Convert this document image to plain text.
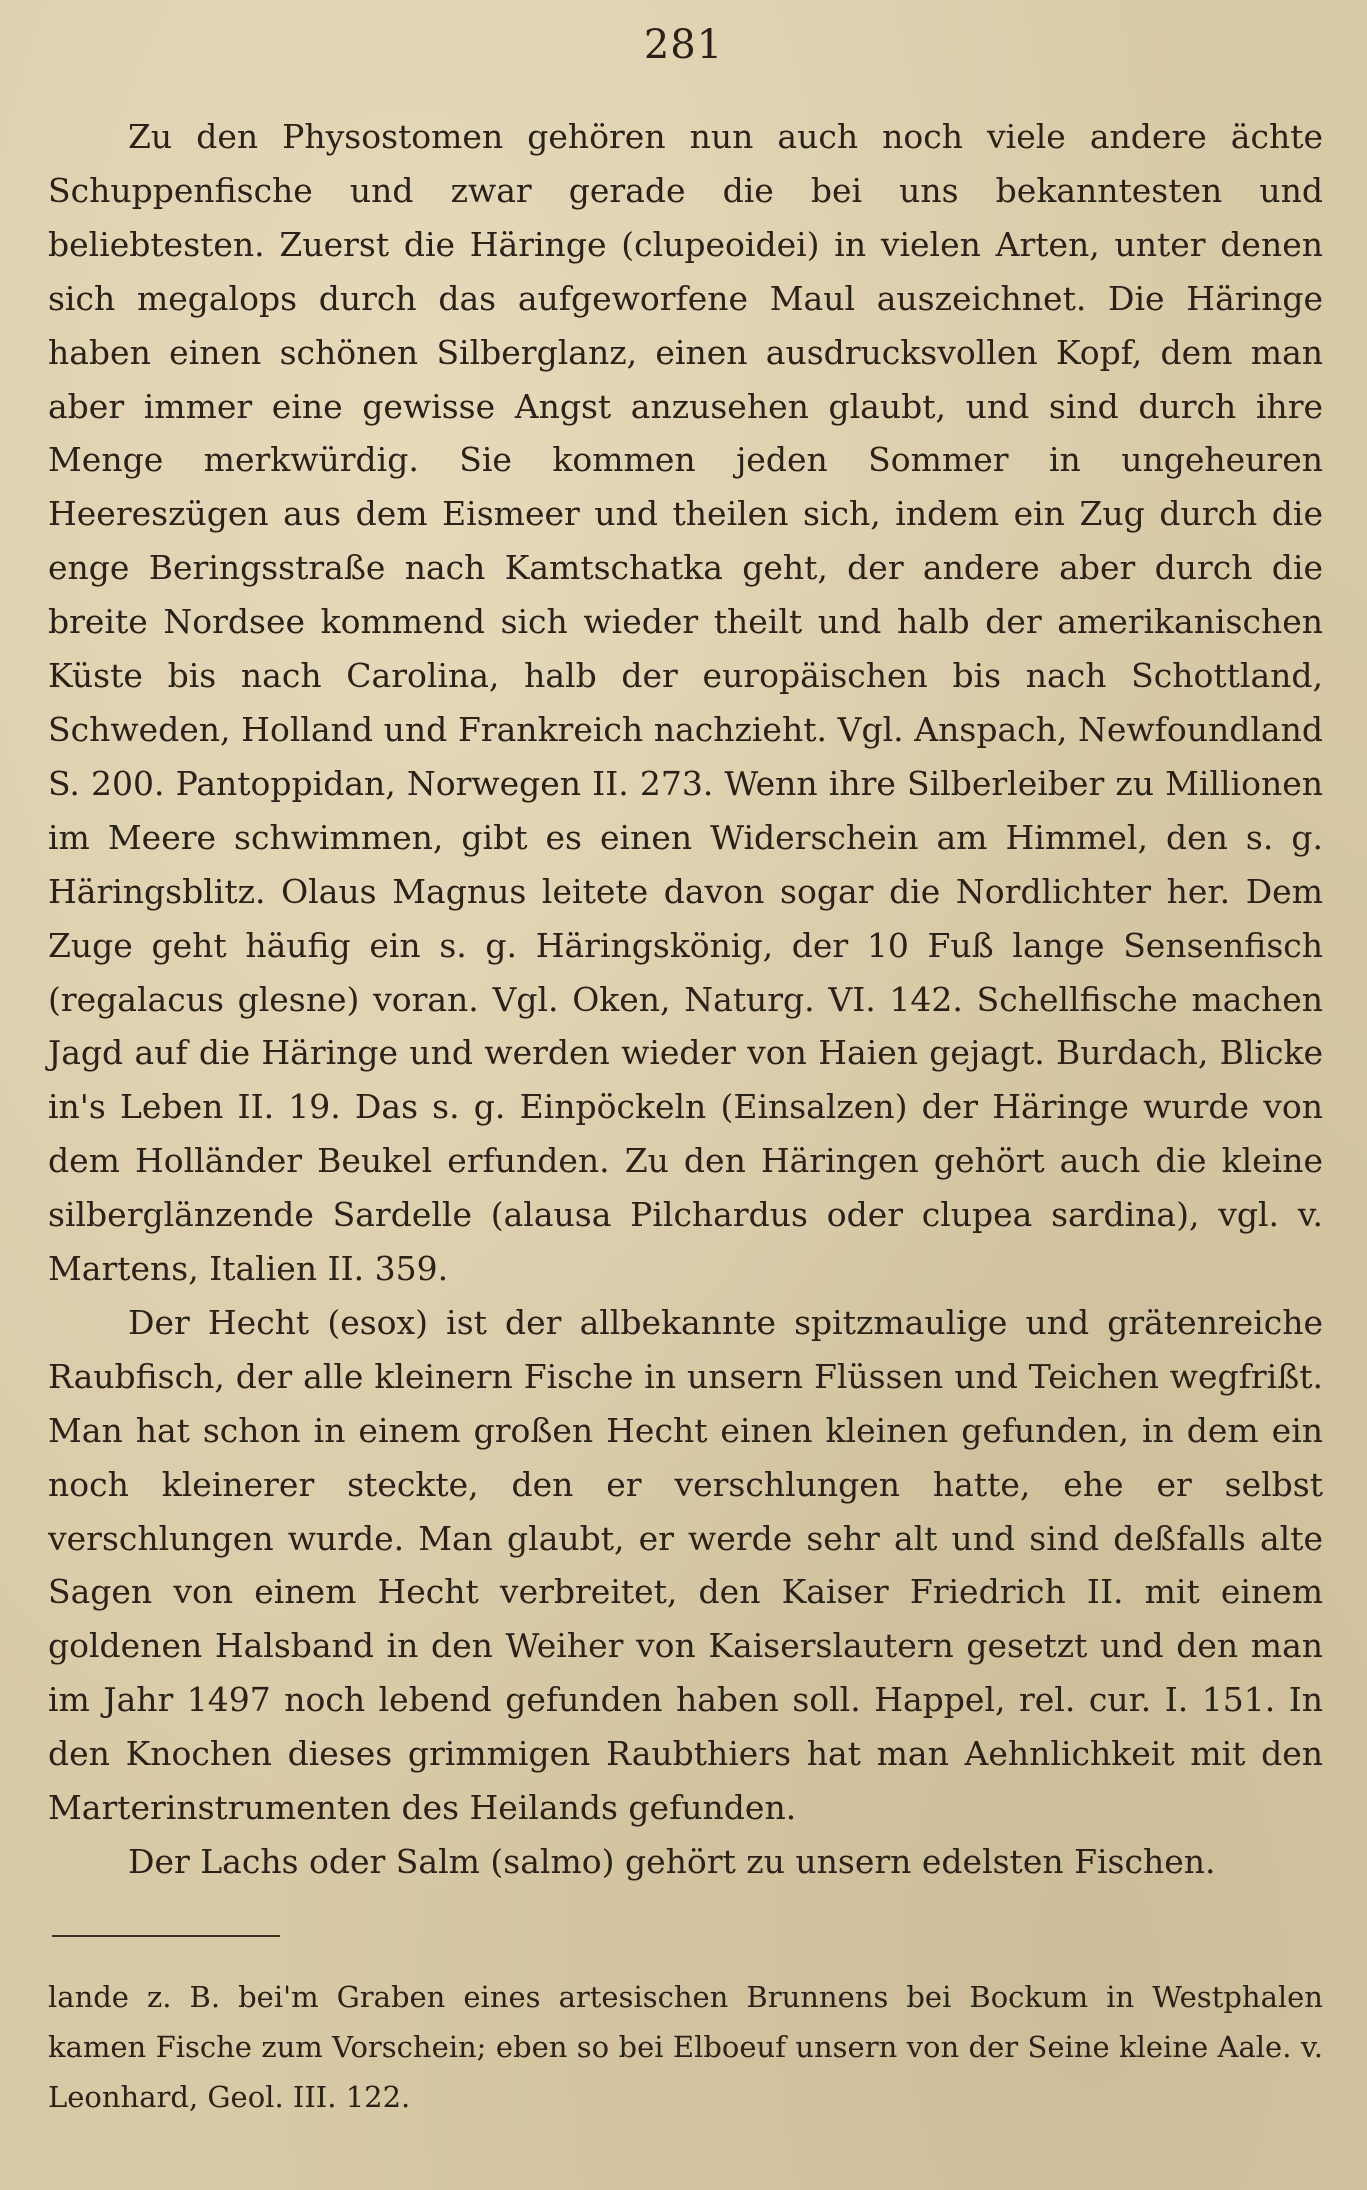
281

Zu den Physostomen gehören nun auch noch viele andere ächte Schuppenfische und zwar gerade die bei uns bekanntesten und beliebtesten. Zuerst die Häringe (clupeoidei) in vielen Arten, unter denen sich megalops durch das aufgeworfene Maul auszeichnet. Die Häringe haben einen schönen Silberglanz, einen ausdrucksvollen Kopf, dem man aber immer eine gewisse Angst anzusehen glaubt, und sind durch ihre Menge merkwürdig. Sie kommen jeden Sommer in ungeheuren Heereszügen aus dem Eismeer und theilen sich, indem ein Zug durch die enge Beringsstraße nach Kamtschatka geht, der andere aber durch die breite Nordsee kommend sich wieder theilt und halb der amerikanischen Küste bis nach Carolina, halb der europäischen bis nach Schottland, Schweden, Holland und Frankreich nachzieht. Vgl. Anspach, Newfoundland S. 200. Pantoppidan, Norwegen II. 273. Wenn ihre Silberleiber zu Millionen im Meere schwimmen, gibt es einen Widerschein am Himmel, den s. g. Häringsblitz. Olaus Magnus leitete davon sogar die Nordlichter her. Dem Zuge geht häufig ein s. g. Häringskönig, der 10 Fuß lange Sensenfisch (regalacus glesne) voran. Vgl. Oken, Naturg. VI. 142. Schellfische machen Jagd auf die Häringe und werden wieder von Haien gejagt. Burdach, Blicke in's Leben II. 19. Das s. g. Einpöckeln (Einsalzen) der Häringe wurde von dem Holländer Beukel erfunden. Zu den Häringen gehört auch die kleine silberglänzende Sardelle (alausa Pilchardus oder clupea sardina), vgl. v. Martens, Italien II. 359.

Der Hecht (esox) ist der allbekannte spitzmaulige und grätenreiche Raubfisch, der alle kleinern Fische in unsern Flüssen und Teichen wegfrißt. Man hat schon in einem großen Hecht einen kleinen gefunden, in dem ein noch kleinerer steckte, den er verschlungen hatte, ehe er selbst verschlungen wurde. Man glaubt, er werde sehr alt und sind deßfalls alte Sagen von einem Hecht verbreitet, den Kaiser Friedrich II. mit einem goldenen Halsband in den Weiher von Kaiserslautern gesetzt und den man im Jahr 1497 noch lebend gefunden haben soll. Happel, rel. cur. I. 151. In den Knochen dieses grimmigen Raubthiers hat man Aehnlichkeit mit den Marterinstrumenten des Heilands gefunden.

Der Lachs oder Salm (salmo) gehört zu unsern edelsten Fischen.

lande z. B. bei'm Graben eines artesischen Brunnens bei Bockum in Westphalen kamen Fische zum Vorschein; eben so bei Elboeuf unsern von der Seine kleine Aale. v. Leonhard, Geol. III. 122.
